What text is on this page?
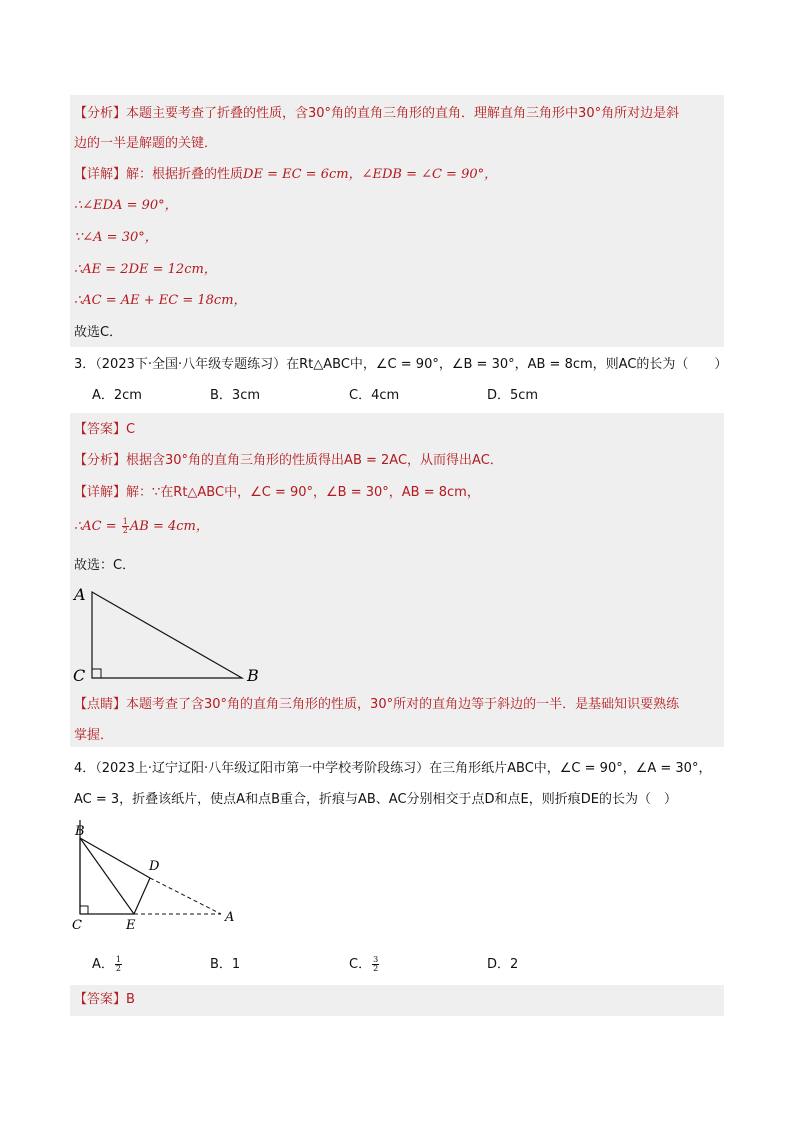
【分析】本题主要考查了折叠的性质，含30°角的直角三角形的直角．理解直角三角形中30°角所对边是斜
边的一半是解题的关键．
【详解】解：根据折叠的性质DE = EC = 6cm，∠EDB = ∠C = 90°，
∴∠EDA = 90°，
∵∠A = 30°，
∴AE = 2DE = 12cm，
∴AC = AE + EC = 18cm，
故选C．
3．（2023下·全国·八年级专题练习）在Rt△ABC中，∠C = 90°，∠B = 30°，AB = 8cm，则AC的长为（　　）
A．2cm	B．3cm	C．4cm	D．5cm
【答案】C
【分析】根据含30°角的直角三角形的性质得出AB = 2AC，从而得出AC．
【详解】解：∵在Rt△ABC中，∠C = 90°，∠B = 30°，AB = 8cm，
∴AC = $\frac{1}{2}$ AB = 4cm，
故选：C．
A
C	B
【点睛】本题考查了含30°角的直角三角形的性质，30°所对的直角边等于斜边的一半．是基础知识要熟练
掌握．
4．（2023上·辽宁辽阳·八年级辽阳市第一中学校考阶段练习）在三角形纸片ABC中，∠C = 90°，∠A = 30°，
AC = 3，折叠该纸片，使点A和点B重合，折痕与AB、AC分别相交于点D和点E，则折痕DE的长为（　）
B
C	E
D
A
A． $\frac{1}{2}$	B．1	C． $\frac{3}{2}$	D．2
【答案】B
